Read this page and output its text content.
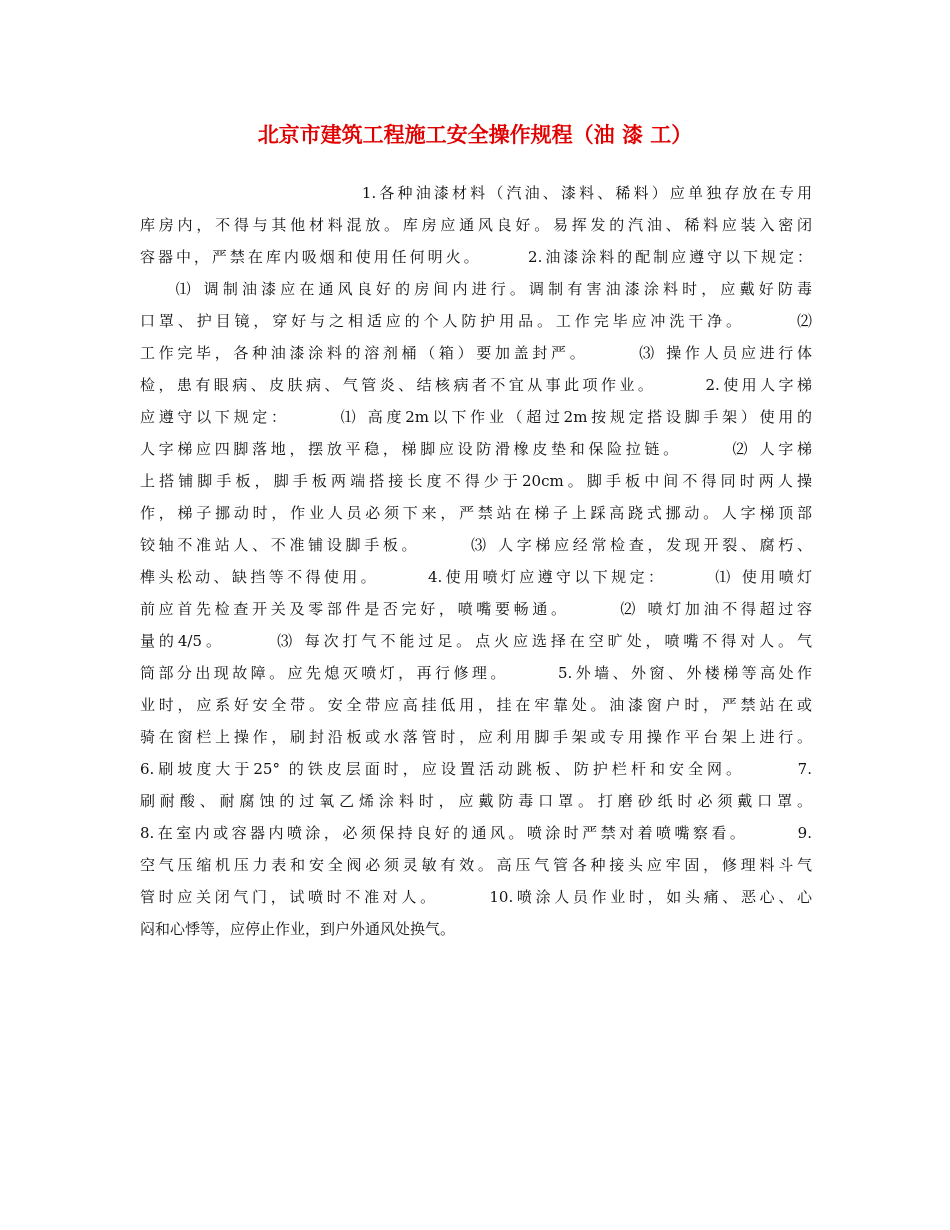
北京市建筑工程施工安全操作规程（油 漆 工）
1.各种油漆材料（汽油、漆料、稀料）应单独存放在专用
库房内，不得与其他材料混放。库房应通风良好。易挥发的汽油、稀料应装入密闭
容器中，严禁在库内吸烟和使用任何明火。      2.油漆涂料的配制应遵守以下规定：
⑴ 调制油漆应在通风良好的房间内进行。调制有害油漆涂料时，应戴好防毒
口罩、护目镜，穿好与之相适应的个人防护用品。工作完毕应冲洗干净。      ⑵
工作完毕，各种油漆涂料的溶剂桶（箱）要加盖封严。      ⑶ 操作人员应进行体
检，患有眼病、皮肤病、气管炎、结核病者不宜从事此项作业。      2.使用人字梯
应遵守以下规定：      ⑴ 高度2m以下作业（超过2m按规定搭设脚手架）使用的
人字梯应四脚落地，摆放平稳，梯脚应设防滑橡皮垫和保险拉链。      ⑵ 人字梯
上搭铺脚手板，脚手板两端搭接长度不得少于20cm。脚手板中间不得同时两人操
作，梯子挪动时，作业人员必须下来，严禁站在梯子上踩高跷式挪动。人字梯顶部
铰轴不准站人、不准铺设脚手板。      ⑶ 人字梯应经常检查，发现开裂、腐朽、
榫头松动、缺挡等不得使用。      4.使用喷灯应遵守以下规定：      ⑴ 使用喷灯
前应首先检查开关及零部件是否完好，喷嘴要畅通。      ⑵ 喷灯加油不得超过容
量的4/5。      ⑶ 每次打气不能过足。点火应选择在空旷处，喷嘴不得对人。气
筒部分出现故障。应先熄灭喷灯，再行修理。      5.外墙、外窗、外楼梯等高处作
业时，应系好安全带。安全带应高挂低用，挂在牢靠处。油漆窗户时，严禁站在或
骑在窗栏上操作，刷封沿板或水落管时，应利用脚手架或专用操作平台架上进行。
6.刷坡度大于25° 的铁皮层面时，应设置活动跳板、防护栏杆和安全网。      7.
刷耐酸、耐腐蚀的过氧乙烯涂料时，应戴防毒口罩。打磨砂纸时必须戴口罩。
8.在室内或容器内喷涂，必须保持良好的通风。喷涂时严禁对着喷嘴察看。      9.
空气压缩机压力表和安全阀必须灵敏有效。高压气管各种接头应牢固，修理料斗气
管时应关闭气门，试喷时不准对人。      10.喷涂人员作业时，如头痛、恶心、心
闷和心悸等，应停止作业，到户外通风处换气。
